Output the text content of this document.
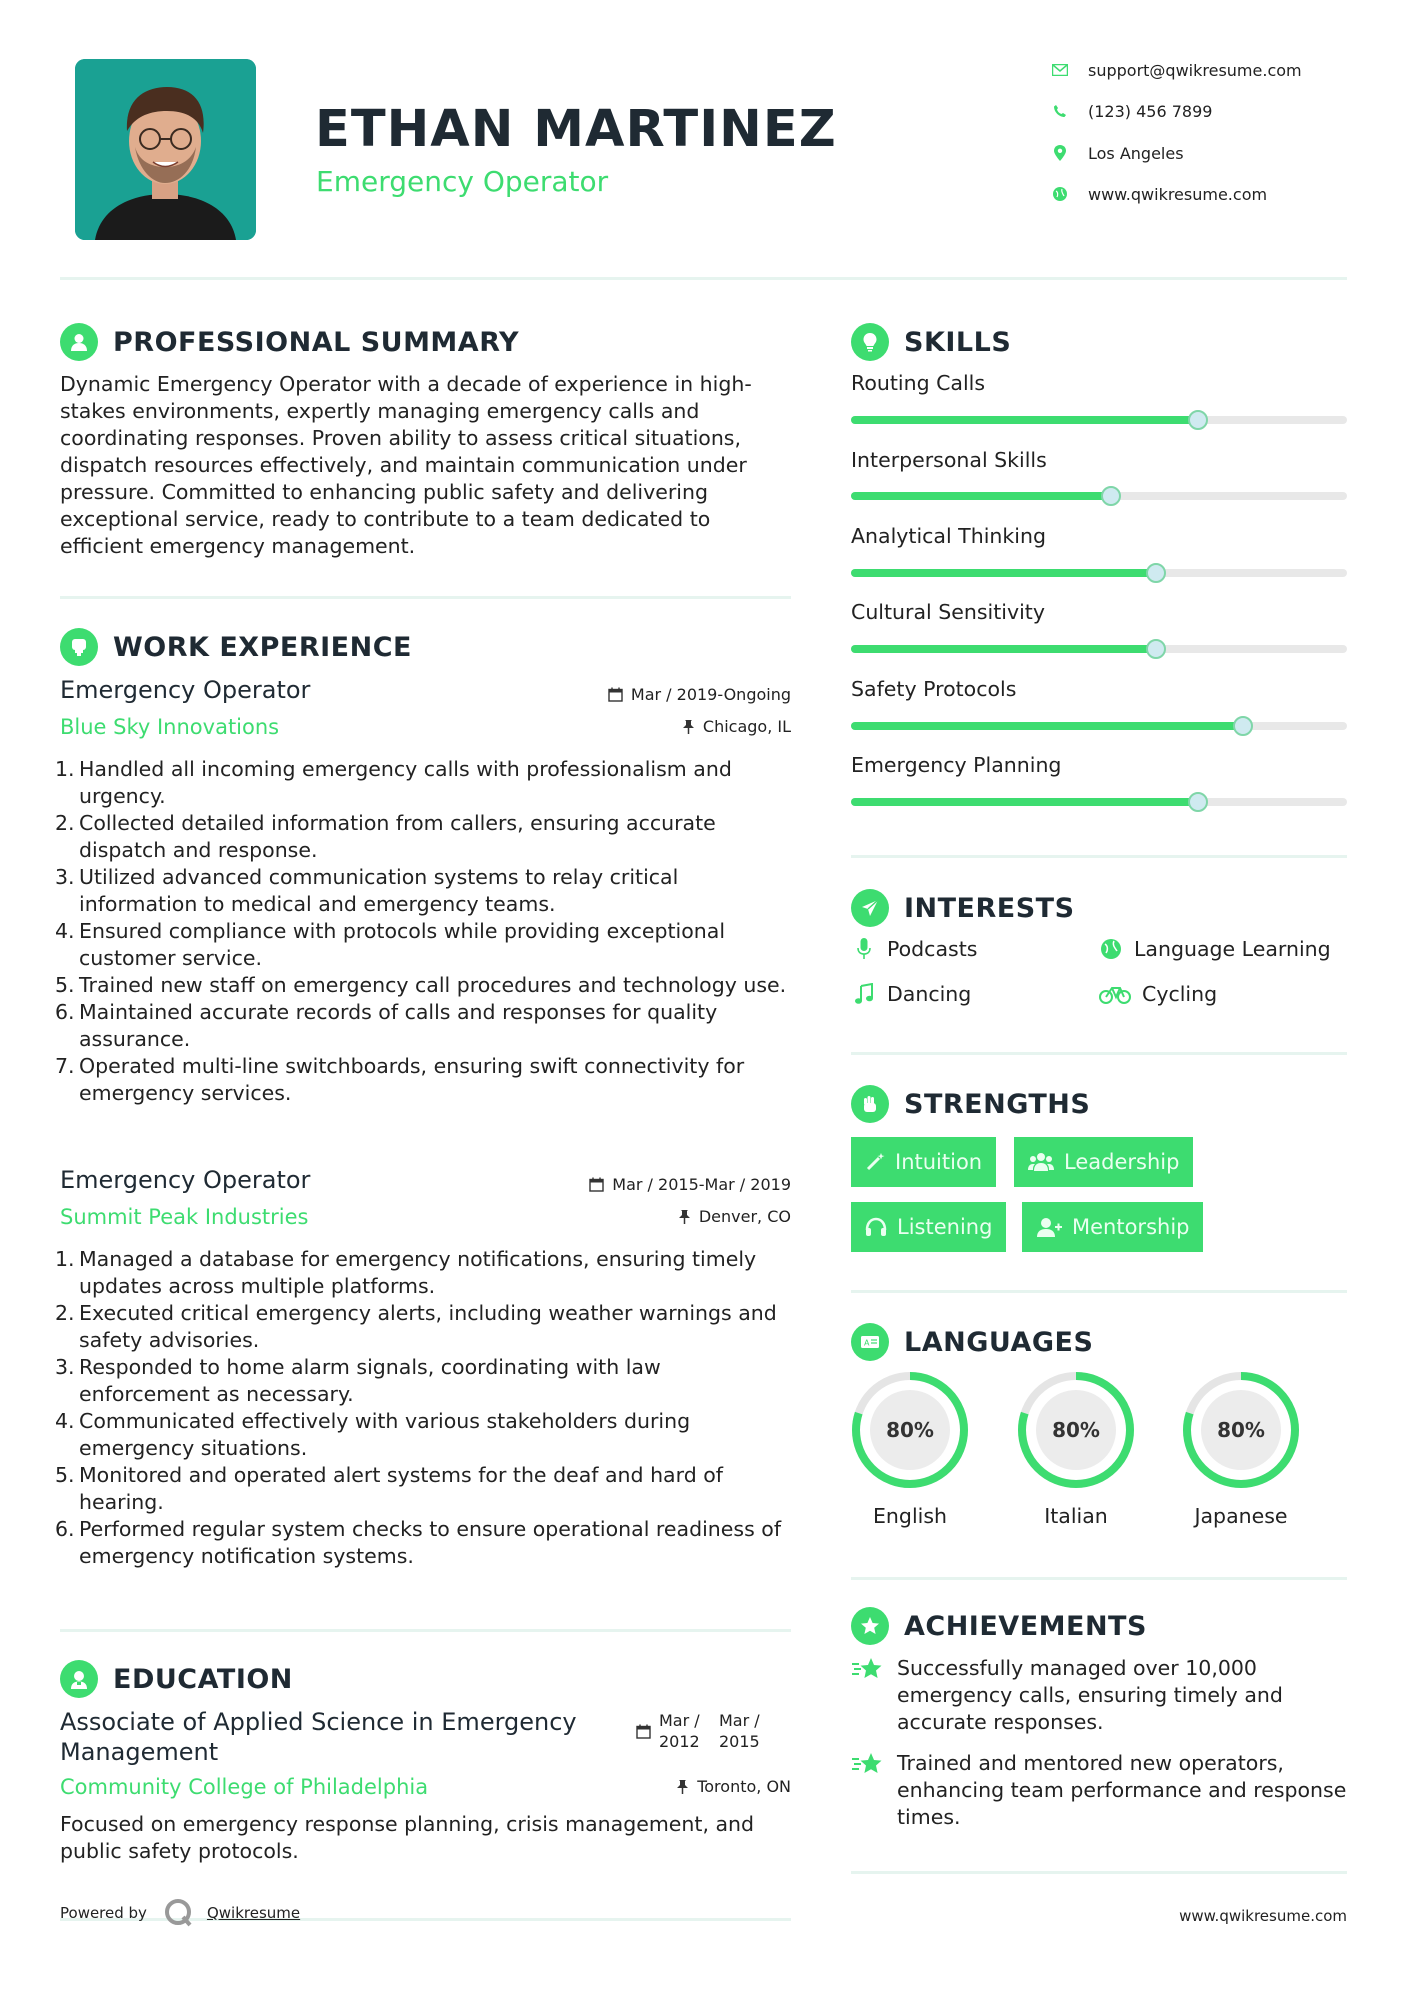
ETHAN MARTINEZ
Emergency Operator
support@qwikresume.com
(123) 456 7899
Los Angeles
www.qwikresume.com
PROFESSIONAL SUMMARY
Dynamic Emergency Operator with a decade of experience in high-stakes environments, expertly managing emergency calls and coordinating responses. Proven ability to assess critical situations, dispatch resources effectively, and maintain communication under pressure. Committed to enhancing public safety and delivering exceptional service, ready to contribute to a team dedicated to efficient emergency management.
WORK EXPERIENCE
Emergency Operator	Mar / 2019-Ongoing
Blue Sky Innovations	Chicago, IL
1. Handled all incoming emergency calls with professionalism and urgency.
2. Collected detailed information from callers, ensuring accurate dispatch and response.
3. Utilized advanced communication systems to relay critical information to medical and emergency teams.
4. Ensured compliance with protocols while providing exceptional customer service.
5. Trained new staff on emergency call procedures and technology use.
6. Maintained accurate records of calls and responses for quality assurance.
7. Operated multi-line switchboards, ensuring swift connectivity for emergency services.
Emergency Operator	Mar / 2015-Mar / 2019
Summit Peak Industries	Denver, CO
1. Managed a database for emergency notifications, ensuring timely updates across multiple platforms.
2. Executed critical emergency alerts, including weather warnings and safety advisories.
3. Responded to home alarm signals, coordinating with law enforcement as necessary.
4. Communicated effectively with various stakeholders during emergency situations.
5. Monitored and operated alert systems for the deaf and hard of hearing.
6. Performed regular system checks to ensure operational readiness of emergency notification systems.
EDUCATION
Associate of Applied Science in Emergency Management
Mar / 2012
Mar / 2015
Community College of Philadelphia	Toronto, ON
Focused on emergency response planning, crisis management, and public safety protocols.
Powered by	Qwikresume	www.qwikresume.com
SKILLS
Routing Calls
Interpersonal Skills
Analytical Thinking
Cultural Sensitivity
Safety Protocols
Emergency Planning
INTERESTS
Podcasts	Language Learning
Dancing	Cycling
STRENGTHS
Intuition	Leadership
Listening	Mentorship
A LANGUAGES
80%
English
80%
Italian
80%
Japanese
ACHIEVEMENTS
Successfully managed over 10,000 emergency calls, ensuring timely and accurate responses.
Trained and mentored new operators, enhancing team performance and response times.
